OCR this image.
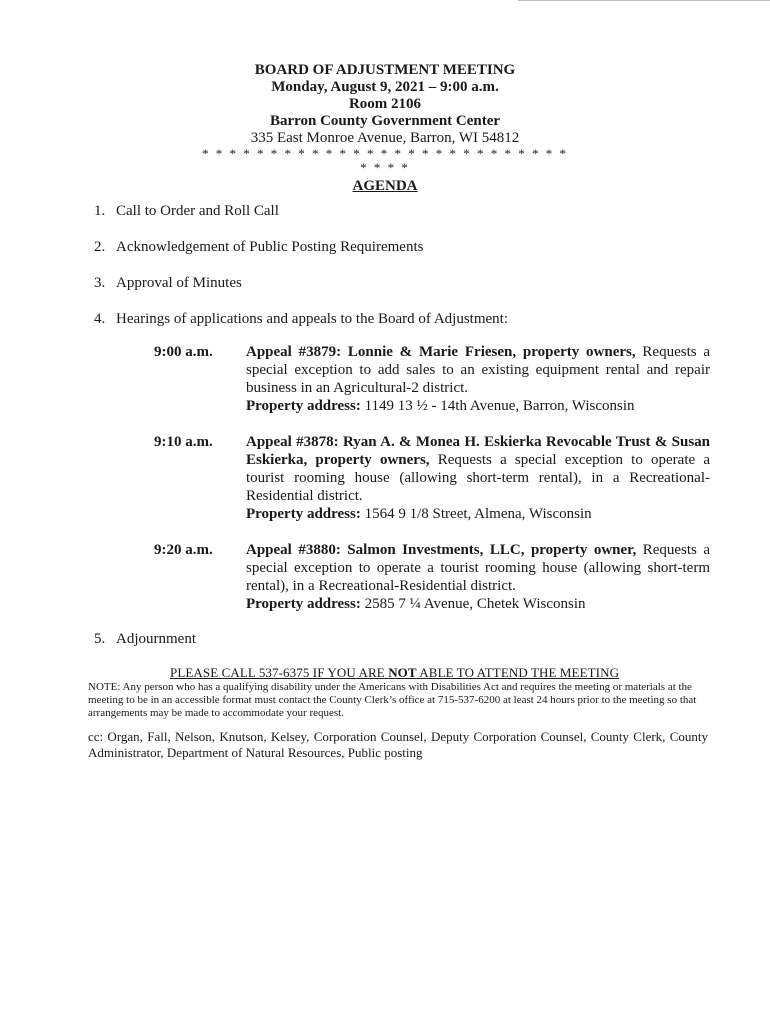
BOARD OF ADJUSTMENT MEETING
Monday, August 9, 2021 – 9:00 a.m.
Room 2106
Barron County Government Center
335 East Monroe Avenue, Barron, WI 54812
* * * * * * * * * * * * * * * * * * * * * * * * * * * * * * *
AGENDA
1. Call to Order and Roll Call
2. Acknowledgement of Public Posting Requirements
3. Approval of Minutes
4. Hearings of applications and appeals to the Board of Adjustment:
9:00 a.m. Appeal #3879: Lonnie & Marie Friesen, property owners, Requests a special exception to add sales to an existing equipment rental and repair business in an Agricultural-2 district.
Property address: 1149 13 ½ - 14th Avenue, Barron, Wisconsin
9:10 a.m. Appeal #3878: Ryan A. & Monea H. Eskierka Revocable Trust & Susan Eskierka, property owners, Requests a special exception to operate a tourist rooming house (allowing short-term rental), in a Recreational-Residential district.
Property address: 1564 9 1/8 Street, Almena, Wisconsin
9:20 a.m. Appeal #3880: Salmon Investments, LLC, property owner, Requests a special exception to operate a tourist rooming house (allowing short-term rental), in a Recreational-Residential district.
Property address: 2585 7 ¼ Avenue, Chetek Wisconsin
5. Adjournment
PLEASE CALL 537-6375 IF YOU ARE NOT ABLE TO ATTEND THE MEETING
NOTE: Any person who has a qualifying disability under the Americans with Disabilities Act and requires the meeting or materials at the meeting to be in an accessible format must contact the County Clerk’s office at 715-537-6200 at least 24 hours prior to the meeting so that arrangements may be made to accommodate your request.
cc: Organ, Fall, Nelson, Knutson, Kelsey, Corporation Counsel, Deputy Corporation Counsel, County Clerk, County Administrator, Department of Natural Resources, Public posting
